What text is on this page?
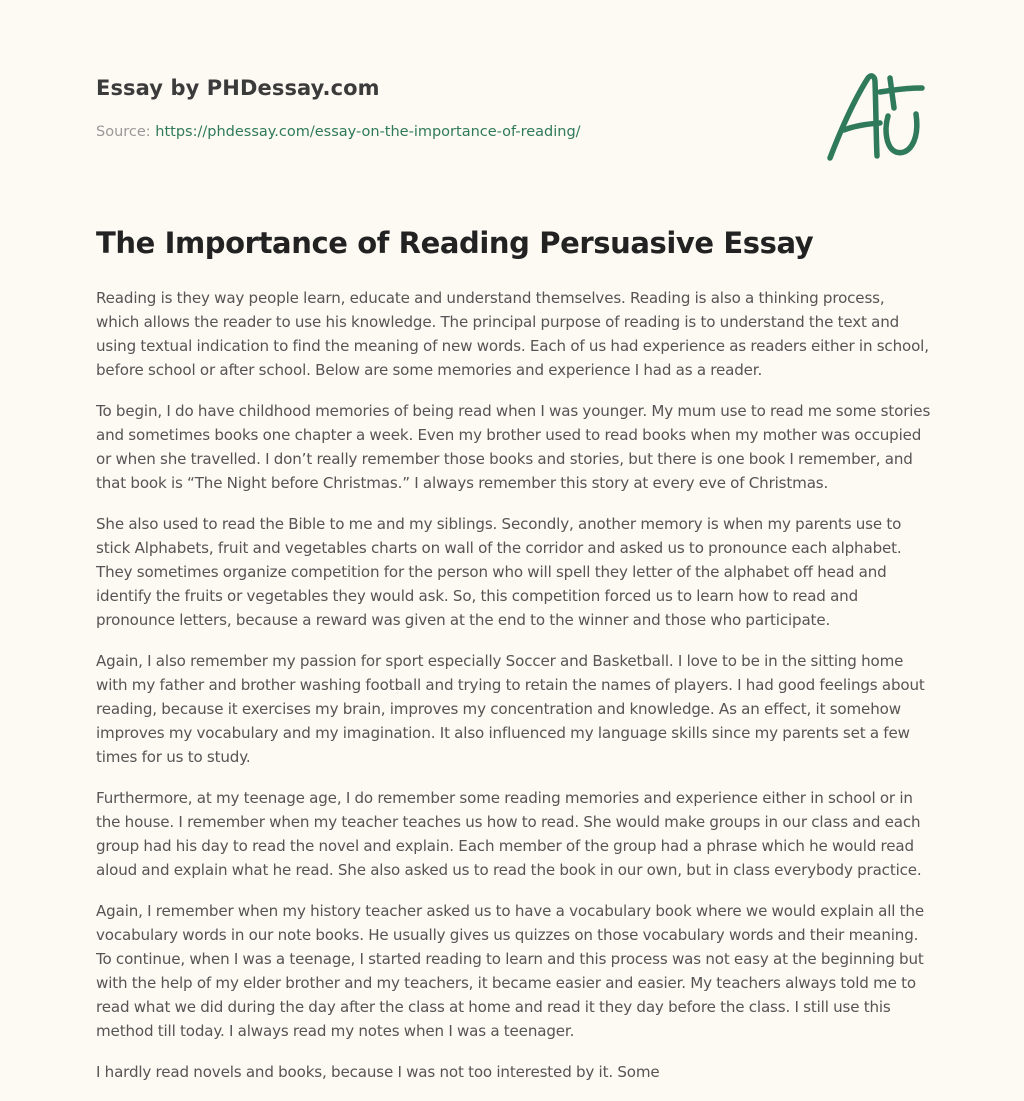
Essay by PHDessay.com
Source: https://phdessay.com/essay-on-the-importance-of-reading/
The Importance of Reading Persuasive Essay

Reading is they way people learn, educate and understand themselves. Reading is also a thinking process, which allows the reader to use his knowledge. The principal purpose of reading is to understand the text and using textual indication to find the meaning of new words. Each of us had experience as readers either in school, before school or after school. Below are some memories and experience I had as a reader.

To begin, I do have childhood memories of being read when I was younger. My mum use to read me some stories and sometimes books one chapter a week. Even my brother used to read books when my mother was occupied or when she travelled. I don’t really remember those books and stories, but there is one book I remember, and that book is “The Night before Christmas.” I always remember this story at every eve of Christmas.

She also used to read the Bible to me and my siblings. Secondly, another memory is when my parents use to stick Alphabets, fruit and vegetables charts on wall of the corridor and asked us to pronounce each alphabet. They sometimes organize competition for the person who will spell they letter of the alphabet off head and identify the fruits or vegetables they would ask. So, this competition forced us to learn how to read and pronounce letters, because a reward was given at the end to the winner and those who participate.

Again, I also remember my passion for sport especially Soccer and Basketball. I love to be in the sitting home with my father and brother washing football and trying to retain the names of players. I had good feelings about reading, because it exercises my brain, improves my concentration and knowledge. As an effect, it somehow improves my vocabulary and my imagination. It also influenced my language skills since my parents set a few times for us to study.

Furthermore, at my teenage age, I do remember some reading memories and experience either in school or in the house. I remember when my teacher teaches us how to read. She would make groups in our class and each group had his day to read the novel and explain. Each member of the group had a phrase which he would read aloud and explain what he read. She also asked us to read the book in our own, but in class everybody practice.

Again, I remember when my history teacher asked us to have a vocabulary book where we would explain all the vocabulary words in our note books. He usually gives us quizzes on those vocabulary words and their meaning. To continue, when I was a teenage, I started reading to learn and this process was not easy at the beginning but with the help of my elder brother and my teachers, it became easier and easier. My teachers always told me to read what we did during the day after the class at home and read it they day before the class. I still use this method till today. I always read my notes when I was a teenager.

I hardly read novels and books, because I was not too interested by it. Some
